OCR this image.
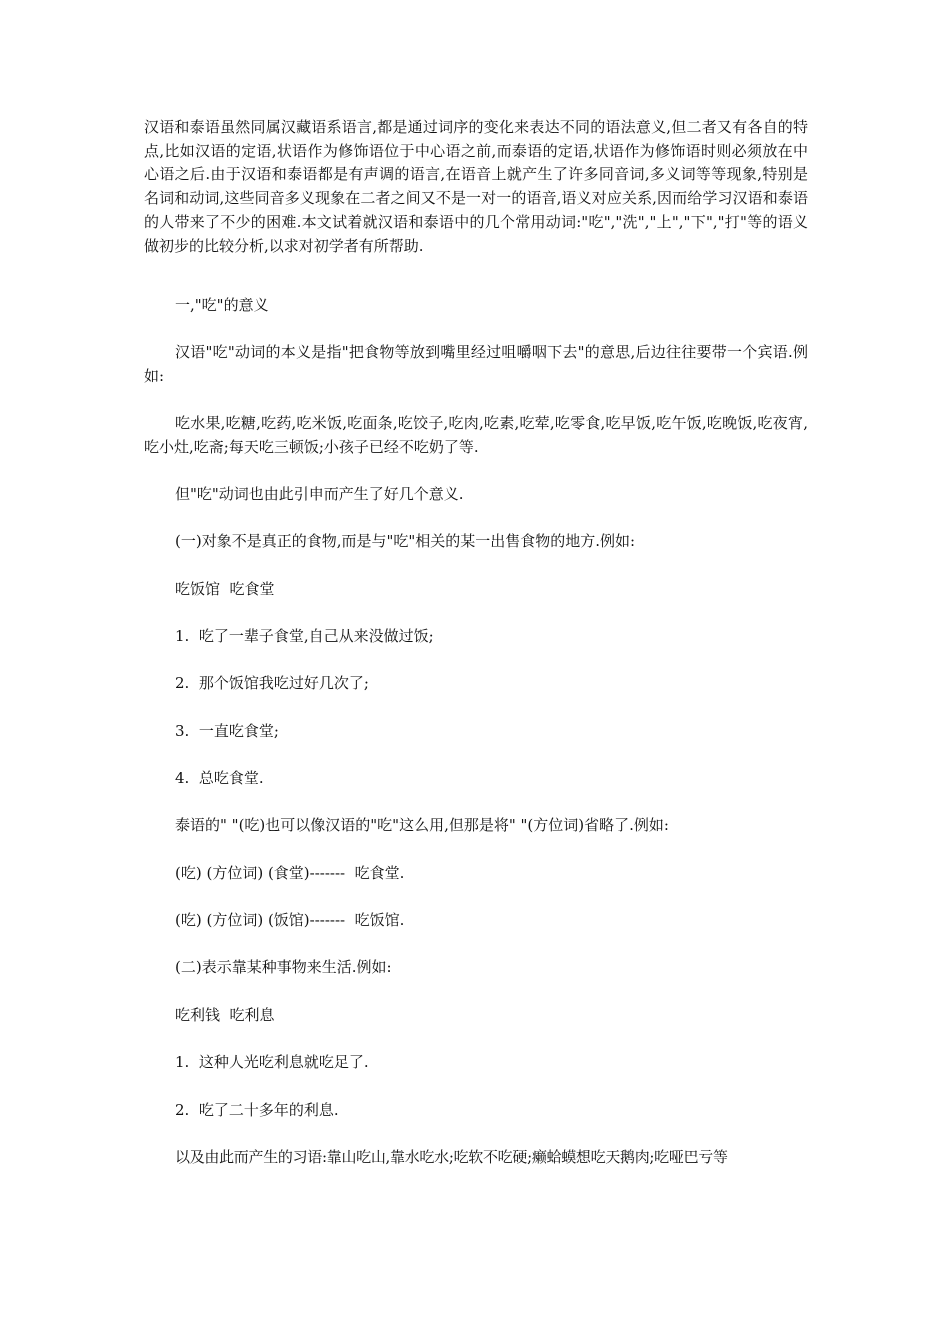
汉语和泰语虽然同属汉藏语系语言,都是通过词序的变化来表达不同的语法意义,但二者又有各自的特点,比如汉语的定语,状语作为修饰语位于中心语之前,而泰语的定语,状语作为修饰语时则必须放在中心语之后.由于汉语和泰语都是有声调的语言,在语音上就产生了许多同音词,多义词等等现象,特别是名词和动词,这些同音多义现象在二者之间又不是一对一的语音,语义对应关系,因而给学习汉语和泰语的人带来了不少的困难.本文试着就汉语和泰语中的几个常用动词:"吃","洗","上","下","打"等的语义做初步的比较分析,以求对初学者有所帮助.

一,"吃"的意义

汉语"吃"动词的本义是指"把食物等放到嘴里经过咀嚼咽下去"的意思,后边往往要带一个宾语.例如:

吃水果,吃糖,吃药,吃米饭,吃面条,吃饺子,吃肉,吃素,吃荤,吃零食,吃早饭,吃午饭,吃晚饭,吃夜宵,吃小灶,吃斋;每天吃三顿饭;小孩子已经不吃奶了等.

但"吃"动词也由此引申而产生了好几个意义.

(一)对象不是真正的食物,而是与"吃"相关的某一出售食物的地方.例如:

吃饭馆  吃食堂

1.  吃了一辈子食堂,自己从来没做过饭;

2.  那个饭馆我吃过好几次了;

3.  一直吃食堂;

4.  总吃食堂.

泰语的" "(吃)也可以像汉语的"吃"这么用,但那是将" "(方位词)省略了.例如:

(吃) (方位词) (食堂)-------  吃食堂.

(吃) (方位词) (饭馆)-------  吃饭馆.

(二)表示靠某种事物来生活.例如:

吃利钱  吃利息

1.  这种人光吃利息就吃足了.

2.  吃了二十多年的利息.

以及由此而产生的习语:靠山吃山,靠水吃水;吃软不吃硬;癞蛤蟆想吃天鹅肉;吃哑巴亏等
